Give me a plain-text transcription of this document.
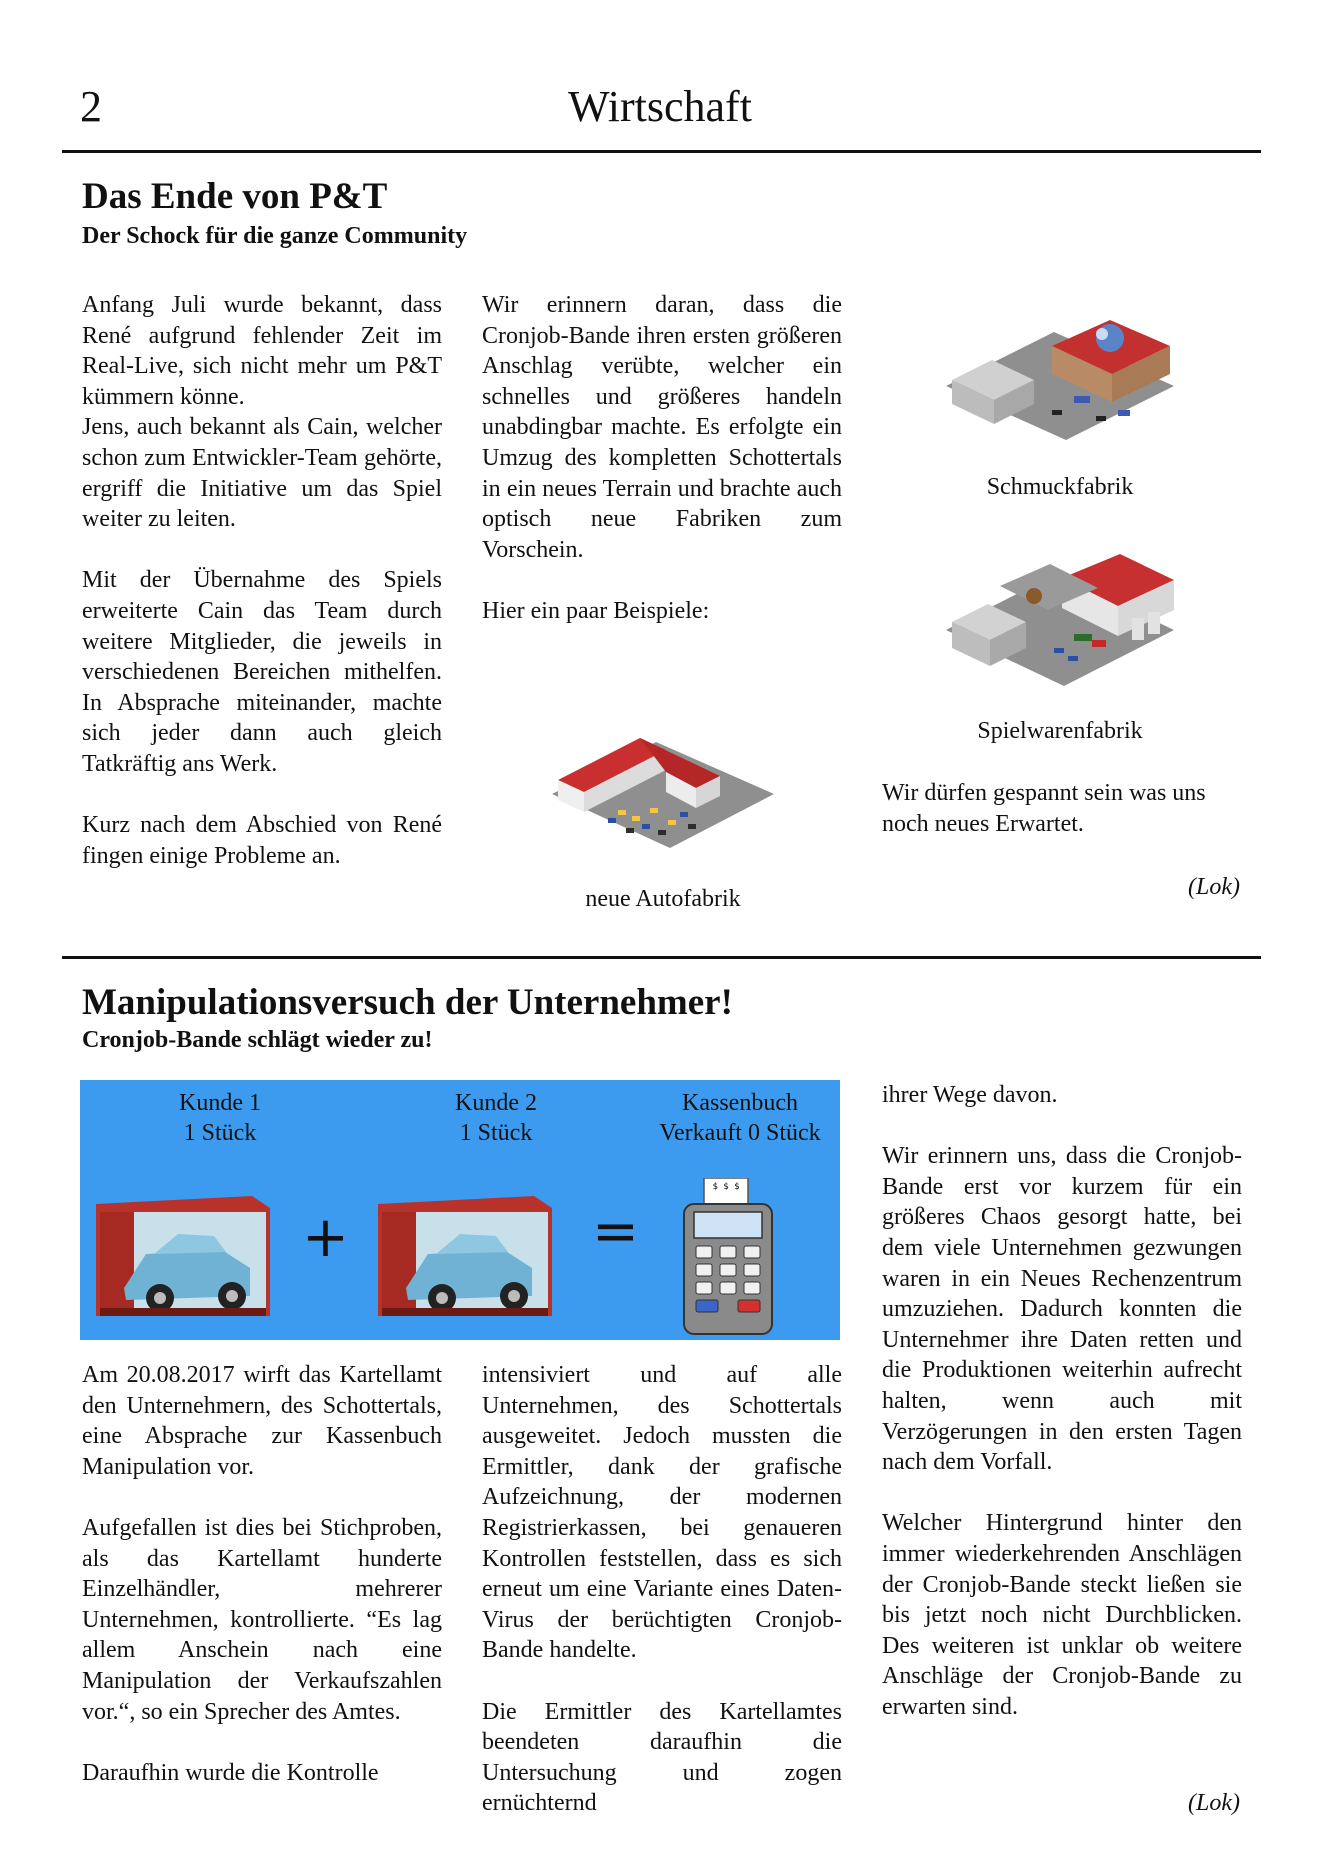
2	Wirtschaft
Das Ende von P&T
Der Schock für die ganze Community

Anfang Juli wurde bekannt, dass René aufgrund fehlender Zeit im Real-Live, sich nicht mehr um P&T kümmern könne.
Jens, auch bekannt als Cain, welcher schon zum Entwickler-Team gehörte, ergriff die Initiative um das Spiel weiter zu leiten.

Mit der Übernahme des Spiels erweiterte Cain das Team durch weitere Mitglieder, die jeweils in verschiedenen Bereichen mithelfen. In Absprache miteinander, machte sich jeder dann auch gleich Tatkräftig ans Werk.

Kurz nach dem Abschied von René fingen einige Probleme an.

Wir erinnern daran, dass die Cronjob-Bande ihren ersten größeren Anschlag verübte, welcher ein schnelles und größeres handeln unabdingbar machte. Es erfolgte ein Umzug des kompletten Schottertals in ein neues Terrain und brachte auch optisch neue Fabriken zum Vorschein.

Hier ein paar Beispiele:

neue Autofabrik
Schmuckfabrik
Spielwarenfabrik
Wir dürfen gespannt sein was uns noch neues Erwartet.
(Lok)
Manipulationsversuch der Unternehmer!
Cronjob-Bande schlägt wieder zu!
Kunde 1
1 Stück
Kunde 2
1 Stück
Kassenbuch
Verkauft 0 Stück
+	=
$ $ $

Am 20.08.2017 wirft das Kartellamt den Unternehmern, des Schottertals, eine Absprache zur Kassenbuch Manipulation vor.

Aufgefallen ist dies bei Stichproben, als das Kartellamt hunderte Einzelhändler, mehrerer Unternehmen, kontrollierte. “Es lag allem Anschein nach eine Manipulation der Verkaufszahlen vor.“, so ein Sprecher des Amtes.

Daraufhin wurde die Kontrolle

intensiviert und auf alle Unternehmen, des Schottertals ausgeweitet. Jedoch mussten die Ermittler, dank der grafische Aufzeichnung, der modernen Registrierkassen, bei genaueren Kontrollen feststellen, dass es sich erneut um eine Variante eines Daten-Virus der berüchtigten Cronjob-Bande handelte.

Die Ermittler des Kartellamtes beendeten daraufhin die Untersuchung und zogen ernüchternd

ihrer Wege davon.

Wir erinnern uns, dass die Cronjob-Bande erst vor kurzem für ein größeres Chaos gesorgt hatte, bei dem viele Unternehmen gezwungen waren in ein Neues Rechenzentrum umzuziehen. Dadurch konnten die Unternehmer ihre Daten retten und die Produktionen weiterhin aufrecht halten, wenn auch mit Verzögerungen in den ersten Tagen nach dem Vorfall.

Welcher Hintergrund hinter den immer wiederkehrenden Anschlägen der Cronjob-Bande steckt ließen sie bis jetzt noch nicht Durchblicken. Des weiteren ist unklar ob weitere Anschläge der Cronjob-Bande zu erwarten sind.

(Lok)
